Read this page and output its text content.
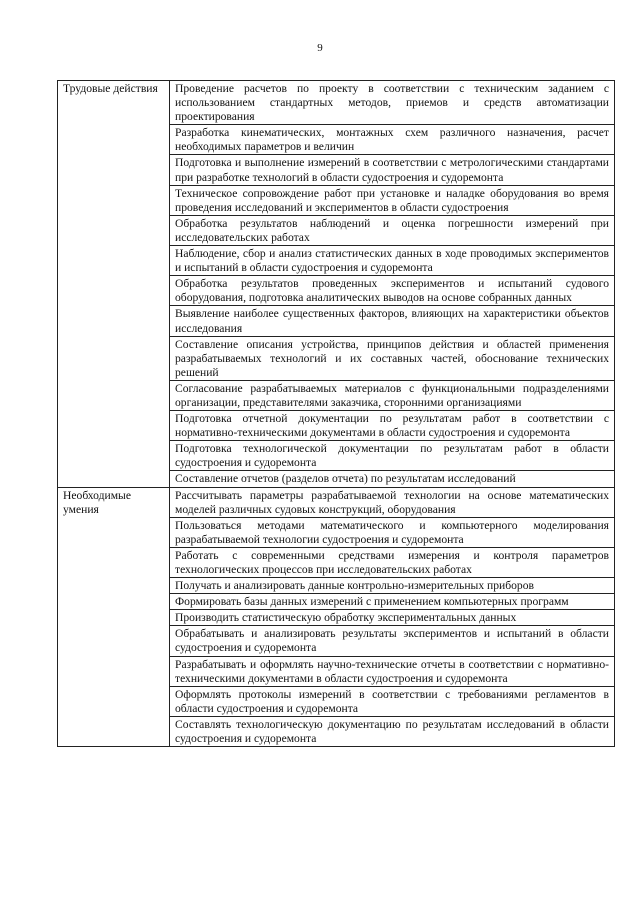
9
Трудовые действия	Проведение расчетов по проекту в соответствии с техническим заданием с использованием стандартных методов, приемов и средств автоматизации проектирования
	Разработка кинематических, монтажных схем различного назначения, расчет необходимых параметров и величин
	Подготовка и выполнение измерений в соответствии с метрологическими стандартами при разработке технологий в области судостроения и судоремонта
	Техническое сопровождение работ при установке и наладке оборудования во время проведения исследований и экспериментов в области судостроения
	Обработка результатов наблюдений и оценка погрешности измерений при исследовательских работах
	Наблюдение, сбор и анализ статистических данных в ходе проводимых экспериментов и испытаний в области судостроения и судоремонта
	Обработка результатов проведенных экспериментов и испытаний судового оборудования, подготовка аналитических выводов на основе собранных данных
	Выявление наиболее существенных факторов, влияющих на характеристики объектов исследования
	Составление описания устройства, принципов действия и областей применения разрабатываемых технологий и их составных частей, обоснование технических решений
	Согласование разрабатываемых материалов с функциональными подразделениями организации, представителями заказчика, сторонними организациями
	Подготовка отчетной документации по результатам работ в соответствии с нормативно-техническими документами в области судостроения и судоремонта
	Подготовка технологической документации по результатам работ в области судостроения и судоремонта
	Составление отчетов (разделов отчета) по результатам исследований
Необходимые умения	Рассчитывать параметры разрабатываемой технологии на основе математических моделей различных судовых конструкций, оборудования
	Пользоваться методами математического и компьютерного моделирования разрабатываемой технологии судостроения и судоремонта
	Работать с современными средствами измерения и контроля параметров технологических процессов при исследовательских работах
	Получать и анализировать данные контрольно-измерительных приборов
	Формировать базы данных измерений с применением компьютерных программ
	Производить статистическую обработку экспериментальных данных
	Обрабатывать и анализировать результаты экспериментов и испытаний в области судостроения и судоремонта
	Разрабатывать и оформлять научно-технические отчеты в соответствии с нормативно-техническими документами в области судостроения и судоремонта
	Оформлять протоколы измерений в соответствии с требованиями регламентов в области судостроения и судоремонта
	Составлять технологическую документацию по результатам исследований в области судостроения и судоремонта
